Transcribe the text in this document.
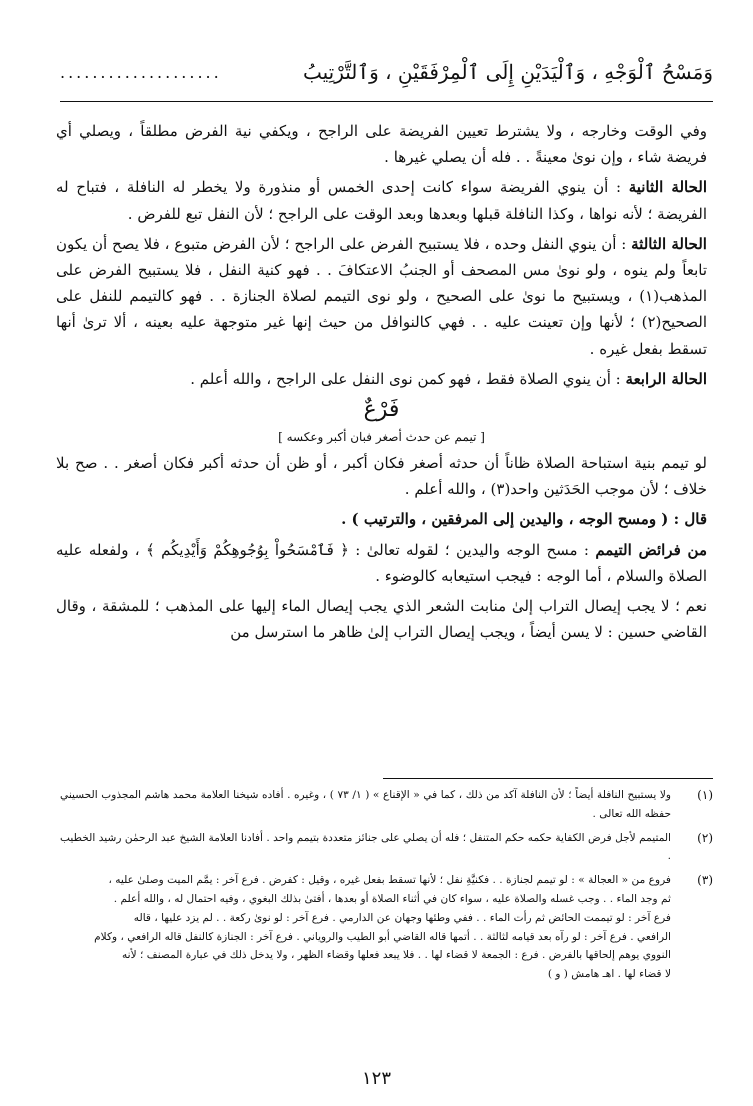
وَمَسْحُ ٱلْوَجْهِ ، وَٱلْيَدَيْنِ إِلَى ٱلْمِرْفَقَيْنِ ، وَٱلتَّرْتِيبُ
....................

وفي الوقت وخارجه ، ولا يشترط تعيين الفريضة على الراجح ، ويكفي نية الفرض مطلقاً ، ويصلي أي فريضة شاء ، وإن نوىٰ معينةً . . فله أن يصلي غيرها .

الحالة الثانية : أن ينوي الفريضة سواء كانت إحدى الخمس أو منذورة ولا يخطر له النافلة ، فتباح له الفريضة ؛ لأنه نواها ، وكذا النافلة قبلها وبعدها وبعد الوقت على الراجح ؛ لأن النفل تبع للفرض .

الحالة الثالثة : أن ينوي النفل وحده ، فلا يستبيح الفرض على الراجح ؛ لأن الفرض متبوع ، فلا يصح أن يكون تابعاً ولم ينوه ، ولو نوىٰ مس المصحف أو الجنبُ الاعتكافَ . . فهو كنية النفل ، فلا يستبيح الفرض على المذهب(١) ، ويستبيح ما نوىٰ على الصحيح ، ولو نوى التيمم لصلاة الجنازة . . فهو كالتيمم للنفل على الصحيح(٢) ؛ لأنها وإن تعينت عليه . . فهي كالنوافل من حيث إنها غير متوجهة عليه بعينه ، ألا ترىٰ أنها تسقط بفعل غيره .

الحالة الرابعة : أن ينوي الصلاة فقط ، فهو كمن نوى النفل على الراجح ، والله أعلم .

فَرْعٌ

[ تيمم عن حدث أصغر فبان أكبر وعكسه ]

لو تيمم بنية استباحة الصلاة ظاناً أن حدثه أصغر فكان أكبر ، أو ظن أن حدثه أكبر فكان أصغر . . صح بلا خلاف ؛ لأن موجب الحَدَثين واحد(٣) ، والله أعلم .

قال : ( ومسح الوجه ، واليدين إلى المرفقين ، والترتيب ) .

من فرائض التيمم : مسح الوجه واليدين ؛ لقوله تعالىٰ : ﴿ فَٱمْسَحُواْ بِوُجُوهِكُمْ وَأَيْدِيكُم ﴾ ، ولفعله عليه الصلاة والسلام ، أما الوجه : فيجب استيعابه كالوضوء .

نعم ؛ لا يجب إيصال التراب إلىٰ منابت الشعر الذي يجب إيصال الماء إليها على المذهب ؛ للمشقة ، وقال القاضي حسين : لا يسن أيضاً ، ويجب إيصال التراب إلىٰ ظاهر ما استرسل من

(١)
ولا يستبيح النافلة أيضاً ؛ لأن النافلة آكد من ذلك ، كما في « الإقناع » ( ١/ ٧٣ ) ، وغيره . أفاده شيخنا العلامة محمد هاشم المجذوب الحسيني حفظه الله تعالى .
(٢)
المتيمم لأجل فرض الكفاية حكمه حكم المتنفل ؛ فله أن يصلي على جنائز متعددة بتيمم واحد . أفادنا العلامة الشيخ عبد الرحمٰن رشيد الخطيب .
(٣)

فروع من « العجالة » : لو تيمم لجنازة . . فكنيَّةِ نفل ؛ لأنها تسقط بفعل غيره ، وقيل : كفرض . فرع آخر : يمَّم الميت وصلىٰ عليه ،

ثم وجد الماء . . وجب غسله والصلاة عليه ، سواء كان في أثناء الصلاة أو بعدها ، أفتىٰ بذلك البغوي ، وفيه احتمال له ، والله أعلم .

فرع آخر : لو تيممت الحائض ثم رأت الماء . . ففي وطئها وجهان عن الدارمي . فرع آخر : لو نوىٰ ركعة . . لم يزد عليها ، قاله

الرافعي . فرع آخر : لو رآه بعد قيامه لثالثة . . أتمها قاله القاضي أبو الطيب والروياني . فرع آخر : الجنازة كالنفل قاله الرافعي ، وكلام

النووي يوهم إلحاقها بالفرض . فرع : الجمعة لا قضاء لها . . فلا يبعد فعلها وقضاء الظهر ، ولا يدخل ذلك في عبارة المصنف ؛ لأنه

لا قضاء لها . اهـ هامش ( و )

١٢٣
